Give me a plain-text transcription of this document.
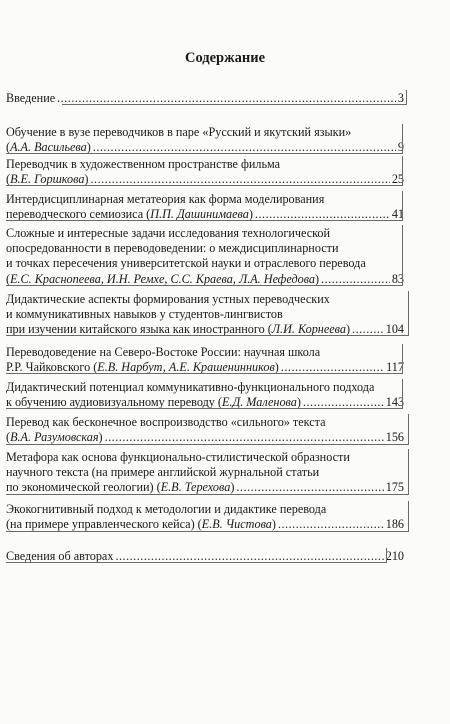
Содержание
Введение .....	3
Обучение в вузе переводчиков в паре «Русский и якутский языки»
(А.А. Васильева) .....	9
Переводчик в художественном пространстве фильма
(В.Е. Горшкова) .....	25
Интердисциплинарная метатеория как форма моделирования
переводческого семиозиса (П.П. Дашинимаева) .....	41
Сложные и интересные задачи исследования технологической
опосредованности в переводоведении: о междисциплинарности
и точках пересечения университетской науки и отраслевого перевода
(Е.С. Краснопеева, И.Н. Ремхе, С.С. Краева, Л.А. Нефедова) .....	83
Дидактические аспекты формирования устных переводческих
и коммуникативных навыков у студентов-лингвистов
при изучении китайского языка как иностранного (Л.И. Корнеева) .....	104
Переводоведение на Северо-Востоке России: научная школа
Р.Р. Чайковского (Е.В. Нарбут, А.Е. Крашенинников) .....	117
Дидактический потенциал коммуникативно-функционального подхода
к обучению аудиовизуальному переводу (Е.Д. Маленова) .....	143
Перевод как бесконечное воспроизводство «сильного» текста
(В.А. Разумовская) .....	156
Метафора как основа функционально-стилистической образности
научного текста (на примере английской журнальной статьи
по экономической геологии) (Е.В. Терехова) .....	175
Экокогнитивный подход к методологии и дидактике перевода
(на примере управленческого кейса) (Е.В. Чистова) .....	186
Сведения об авторах .....	210
